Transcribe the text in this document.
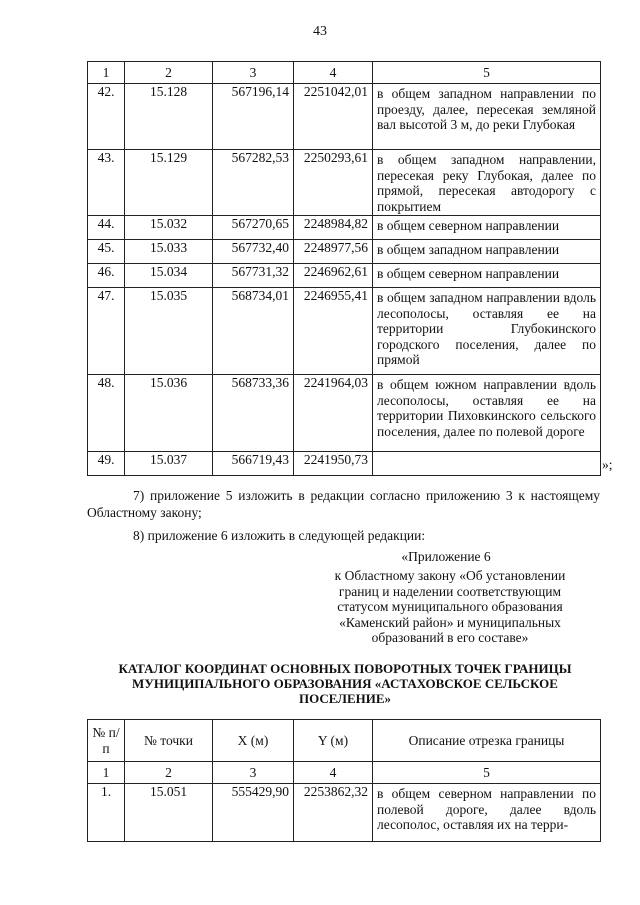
43
1	2	3	4	5
42.	15.128	567196,14	2251042,01	в общем западном направлении по проезду, далее, пересекая земляной вал высотой 3 м, до реки Глубокая
43.	15.129	567282,53	2250293,61	в общем западном направлении, пересекая реку Глубокая, далее по прямой, пересекая автодорогу с покрытием
44.	15.032	567270,65	2248984,82	в общем северном направлении
45.	15.033	567732,40	2248977,56	в общем западном направлении
46.	15.034	567731,32	2246962,61	в общем северном направлении
47.	15.035	568734,01	2246955,41	в общем западном направлении вдоль лесополосы, оставляя ее на территории Глубокинского городского поселения, далее по прямой
48.	15.036	568733,36	2241964,03	в общем южном направлении вдоль лесополосы, оставляя ее на территории Пиховкинского сельского поселения, далее по полевой дороге
49.	15.037	566719,43	2241950,73		»;
7) приложение 5 изложить в редакции согласно приложению 3 к настоящему Областному закону;
8) приложение 6 изложить в следующей редакции:
«Приложение 6
к Областному закону «Об установлении границ и наделении соответствующим статусом муниципального образования «Каменский район» и муниципальных образований в его составе»
КАТАЛОГ КООРДИНАТ ОСНОВНЫХ ПОВОРОТНЫХ ТОЧЕК ГРАНИЦЫ МУНИЦИПАЛЬНОГО ОБРАЗОВАНИЯ «АСТАХОВСКОЕ СЕЛЬСКОЕ ПОСЕЛЕНИЕ»
№ п/п	№ точки	X (м)	Y (м)	Описание отрезка границы
1	2	3	4	5
1.	15.051	555429,90	2253862,32	в общем северном направлении по полевой дороге, далее вдоль лесополос, оставляя их на терри-
